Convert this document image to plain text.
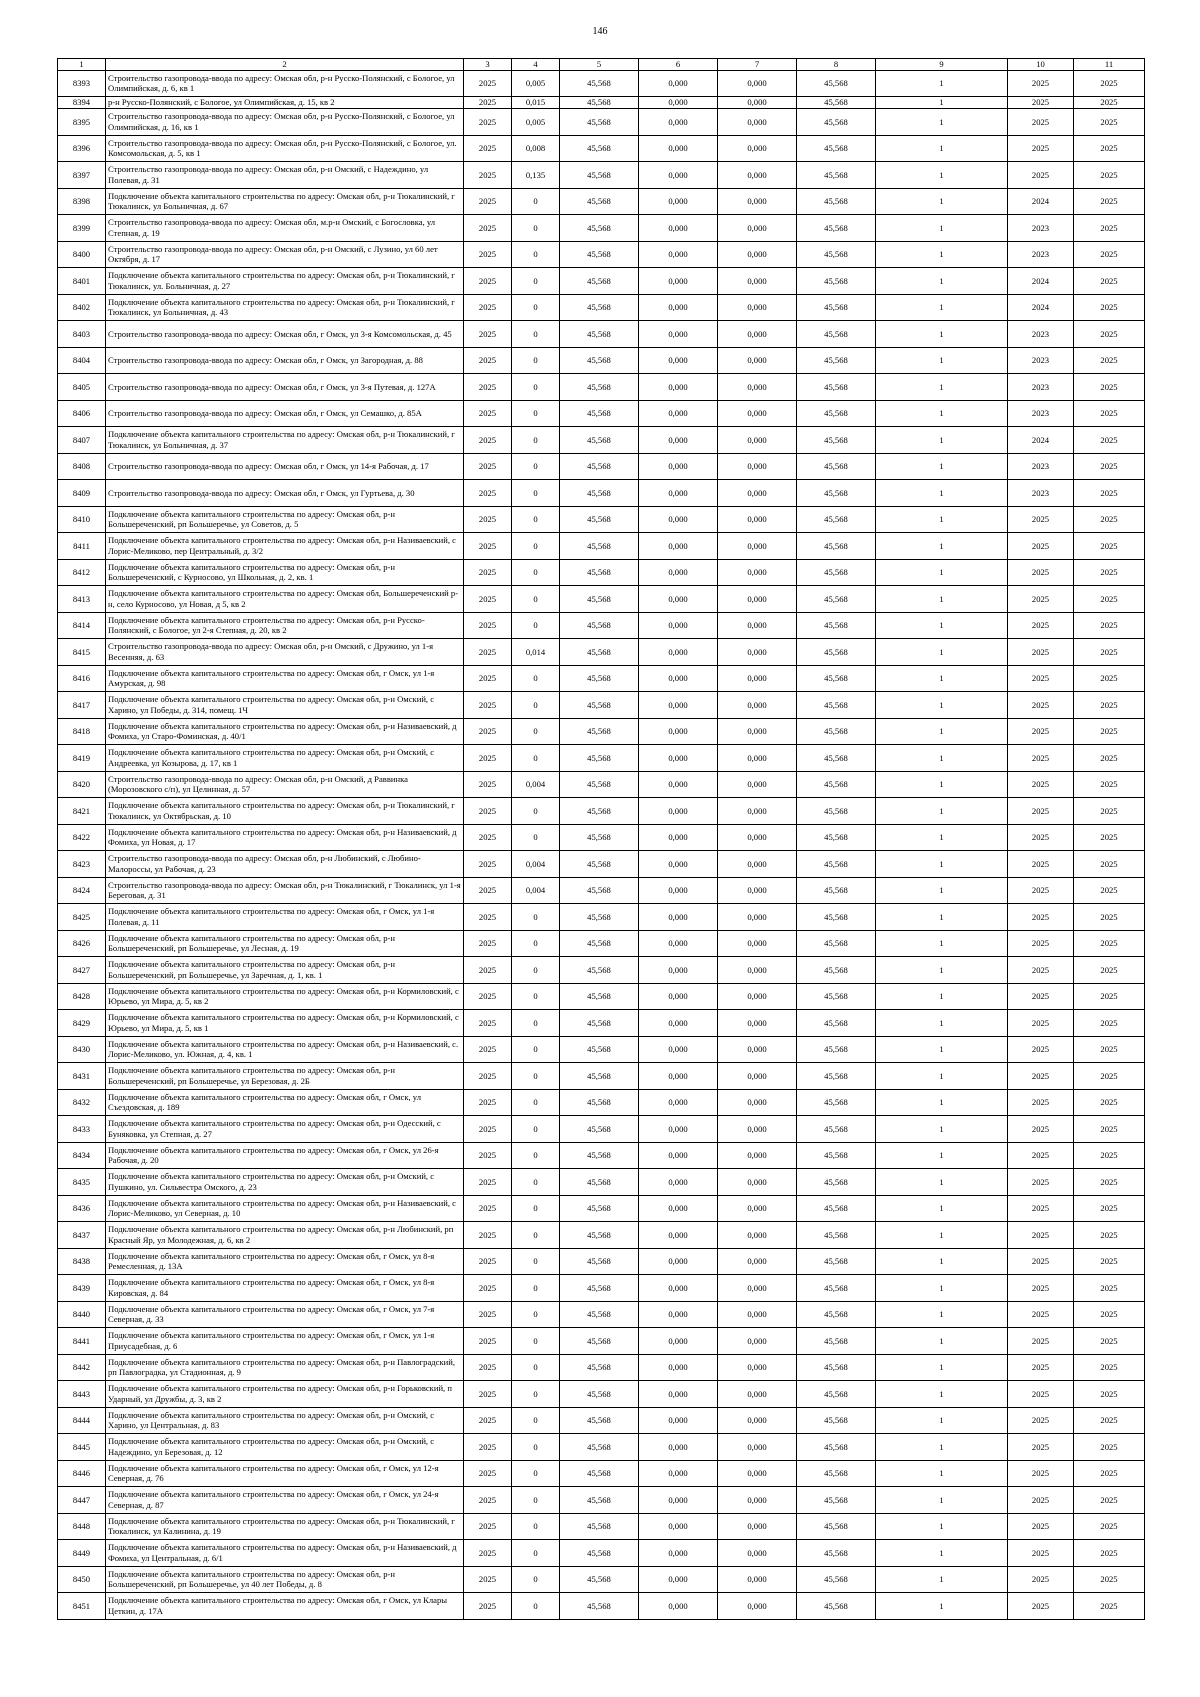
146
1	2	3	4	5	6	7	8	9	10	11
8393	Строительство газопровода-ввода по адресу: Омская обл, р-н Русско-Полянский, с Бологое, ул Олимпийская, д. 6, кв 1	2025	0,005	45,568	0,000	0,000	45,568	1	2025	2025
8394	р-н Русско-Полянский, с Бологое, ул Олимпийская, д. 15, кв 2	2025	0,015	45,568	0,000	0,000	45,568	1	2025	2025
8395	Строительство газопровода-ввода по адресу: Омская обл, р-н Русско-Полянский, с Бологое, ул Олимпийская, д. 16, кв 1	2025	0,005	45,568	0,000	0,000	45,568	1	2025	2025
8396	Строительство газопровода-ввода по адресу: Омская обл, р-н Русско-Полянский, с Бологое, ул. Комсомольская, д. 5, кв 1	2025	0,008	45,568	0,000	0,000	45,568	1	2025	2025
8397	Строительство газопровода-ввода по адресу: Омская обл, р-н Омский, с Надеждино, ул Полевая, д. 31	2025	0,135	45,568	0,000	0,000	45,568	1	2025	2025
8398	Подключение объекта капитального строительства по адресу: Омская обл, р-н Тюкалинский, г Тюкалинск, ул Больничная, д. 67	2025	0	45,568	0,000	0,000	45,568	1	2024	2025
8399	Строительство газопровода-ввода по адресу: Омская обл, м.р-н Омский, с Богословка, ул Степная, д. 19	2025	0	45,568	0,000	0,000	45,568	1	2023	2025
8400	Строительство газопровода-ввода по адресу: Омская обл, р-н Омский, с Лузино, ул 60 лет Октября, д. 17	2025	0	45,568	0,000	0,000	45,568	1	2023	2025
8401	Подключение объекта капитального строительства по адресу: Омская обл, р-н Тюкалинский, г Тюкалинск, ул. Больничная, д. 27	2025	0	45,568	0,000	0,000	45,568	1	2024	2025
8402	Подключение объекта капитального строительства по адресу: Омская обл, р-н Тюкалинский, г Тюкалинск, ул Больничная, д. 43	2025	0	45,568	0,000	0,000	45,568	1	2024	2025
8403	Строительство газопровода-ввода по адресу: Омская обл, г Омск, ул 3-я Комсомольская, д. 45	2025	0	45,568	0,000	0,000	45,568	1	2023	2025
8404	Строительство газопровода-ввода по адресу: Омская обл, г Омск, ул Загородная, д. 88	2025	0	45,568	0,000	0,000	45,568	1	2023	2025
8405	Строительство газопровода-ввода по адресу: Омская обл, г Омск, ул 3-я Путевая, д. 127А	2025	0	45,568	0,000	0,000	45,568	1	2023	2025
8406	Строительство газопровода-ввода по адресу: Омская обл, г Омск, ул Семашко, д. 85А	2025	0	45,568	0,000	0,000	45,568	1	2023	2025
8407	Подключение объекта капитального строительства по адресу: Омская обл, р-н Тюкалинский, г Тюкалинск, ул Больничная, д. 37	2025	0	45,568	0,000	0,000	45,568	1	2024	2025
8408	Строительство газопровода-ввода по адресу: Омская обл, г Омск, ул 14-я Рабочая, д. 17	2025	0	45,568	0,000	0,000	45,568	1	2023	2025
8409	Строительство газопровода-ввода по адресу: Омская обл, г Омск, ул Гуртьева, д. 30	2025	0	45,568	0,000	0,000	45,568	1	2023	2025
8410	Подключение объекта капитального строительства по адресу: Омская обл, р-н Большереченский, рп Большеречье, ул Советов, д. 5	2025	0	45,568	0,000	0,000	45,568	1	2025	2025
8411	Подключение объекта капитального строительства по адресу: Омская обл, р-н Називаевский, с Лорис-Меликово, пер Центральный, д. 3/2	2025	0	45,568	0,000	0,000	45,568	1	2025	2025
8412	Подключение объекта капитального строительства по адресу: Омская обл, р-н Большереченский, с Курносово, ул Школьная, д. 2, кв. 1	2025	0	45,568	0,000	0,000	45,568	1	2025	2025
8413	Подключение объекта капитального строительства по адресу: Омская обл, Большереченский р-н, село Курносово, ул Новая, д 5, кв 2	2025	0	45,568	0,000	0,000	45,568	1	2025	2025
8414	Подключение объекта капитального строительства по адресу: Омская обл, р-н Русско-Полянский, с Бологое, ул 2-я Степная, д. 20, кв 2	2025	0	45,568	0,000	0,000	45,568	1	2025	2025
8415	Строительство газопровода-ввода по адресу: Омская обл, р-н Омский, с Дружино, ул 1-я Весенняя, д. 63	2025	0,014	45,568	0,000	0,000	45,568	1	2025	2025
8416	Подключение объекта капитального строительства по адресу: Омская обл, г Омск, ул 1-я Амурская, д. 98	2025	0	45,568	0,000	0,000	45,568	1	2025	2025
8417	Подключение объекта капитального строительства по адресу: Омская обл, р-н Омский, с Харино, ул Победы, д. 314, помещ. 1Ч	2025	0	45,568	0,000	0,000	45,568	1	2025	2025
8418	Подключение объекта капитального строительства по адресу: Омская обл, р-н Називаевский, д Фомиха, ул Старо-Фоминская, д. 40/1	2025	0	45,568	0,000	0,000	45,568	1	2025	2025
8419	Подключение объекта капитального строительства по адресу: Омская обл, р-н Омский, с Андреевка, ул Козырова, д. 17, кв 1	2025	0	45,568	0,000	0,000	45,568	1	2025	2025
8420	Строительство газопровода-ввода по адресу: Омская обл, р-н Омский, д Раввинка (Морозовского с/п), ул Целинная, д. 57	2025	0,004	45,568	0,000	0,000	45,568	1	2025	2025
8421	Подключение объекта капитального строительства по адресу: Омская обл, р-н Тюкалинский, г Тюкалинск, ул Октябрьская, д. 10	2025	0	45,568	0,000	0,000	45,568	1	2025	2025
8422	Подключение объекта капитального строительства по адресу: Омская обл, р-н Називаевский, д Фомиха, ул Новая, д. 17	2025	0	45,568	0,000	0,000	45,568	1	2025	2025
8423	Строительство газопровода-ввода по адресу: Омская обл, р-н Любинский, с Любино-Малороссы, ул Рабочая, д. 23	2025	0,004	45,568	0,000	0,000	45,568	1	2025	2025
8424	Строительство газопровода-ввода по адресу: Омская обл, р-н Тюкалинский, г Тюкалинск, ул 1-я Береговая, д. 31	2025	0,004	45,568	0,000	0,000	45,568	1	2025	2025
8425	Подключение объекта капитального строительства по адресу: Омская обл, г Омск, ул 1-я Полевая, д. 11	2025	0	45,568	0,000	0,000	45,568	1	2025	2025
8426	Подключение объекта капитального строительства по адресу: Омская обл, р-н Большереченский, рп Большеречье, ул Лесная, д. 19	2025	0	45,568	0,000	0,000	45,568	1	2025	2025
8427	Подключение объекта капитального строительства по адресу: Омская обл, р-н Большереченский, рп Большеречье, ул Заречная, д. 1, кв. 1	2025	0	45,568	0,000	0,000	45,568	1	2025	2025
8428	Подключение объекта капитального строительства по адресу: Омская обл, р-н Кормиловский, с Юрьево, ул Мира, д. 5, кв 2	2025	0	45,568	0,000	0,000	45,568	1	2025	2025
8429	Подключение объекта капитального строительства по адресу: Омская обл, р-н Кормиловский, с Юрьево, ул Мира, д. 5, кв 1	2025	0	45,568	0,000	0,000	45,568	1	2025	2025
8430	Подключение объекта капитального строительства по адресу: Омская обл, р-н Називаевский, с. Лорис-Меликово, ул. Южная, д. 4, кв. 1	2025	0	45,568	0,000	0,000	45,568	1	2025	2025
8431	Подключение объекта капитального строительства по адресу: Омская обл, р-н Большереченский, рп Большеречье, ул Березовая, д. 2Б	2025	0	45,568	0,000	0,000	45,568	1	2025	2025
8432	Подключение объекта капитального строительства по адресу: Омская обл, г Омск, ул Съездовская, д. 189	2025	0	45,568	0,000	0,000	45,568	1	2025	2025
8433	Подключение объекта капитального строительства по адресу: Омская обл, р-н Одесский, с Буняковка, ул Степная, д. 27	2025	0	45,568	0,000	0,000	45,568	1	2025	2025
8434	Подключение объекта капитального строительства по адресу: Омская обл, г Омск, ул 26-я Рабочая, д. 20	2025	0	45,568	0,000	0,000	45,568	1	2025	2025
8435	Подключение объекта капитального строительства по адресу: Омская обл, р-н Омский, с Пушкино, ул. Сильвестра Омского, д. 23	2025	0	45,568	0,000	0,000	45,568	1	2025	2025
8436	Подключение объекта капитального строительства по адресу: Омская обл, р-н Називаевский, с Лорис-Меликово, ул Северная, д. 10	2025	0	45,568	0,000	0,000	45,568	1	2025	2025
8437	Подключение объекта капитального строительства по адресу: Омская обл, р-н Любинский, рп Красный Яр, ул Молодежная, д. 6, кв 2	2025	0	45,568	0,000	0,000	45,568	1	2025	2025
8438	Подключение объекта капитального строительства по адресу: Омская обл, г Омск, ул 8-я Ремесленная, д. 13А	2025	0	45,568	0,000	0,000	45,568	1	2025	2025
8439	Подключение объекта капитального строительства по адресу: Омская обл, г Омск, ул 8-я Кировская, д. 84	2025	0	45,568	0,000	0,000	45,568	1	2025	2025
8440	Подключение объекта капитального строительства по адресу: Омская обл, г Омск, ул 7-я Северная, д. 33	2025	0	45,568	0,000	0,000	45,568	1	2025	2025
8441	Подключение объекта капитального строительства по адресу: Омская обл, г Омск, ул 1-я Приусадебная, д. 6	2025	0	45,568	0,000	0,000	45,568	1	2025	2025
8442	Подключение объекта капитального строительства по адресу: Омская обл, р-н Павлоградский, рп Павлоградка, ул Стадионная, д. 9	2025	0	45,568	0,000	0,000	45,568	1	2025	2025
8443	Подключение объекта капитального строительства по адресу: Омская обл, р-н Горьковский, п Ударный, ул Дружбы, д. 3, кв 2	2025	0	45,568	0,000	0,000	45,568	1	2025	2025
8444	Подключение объекта капитального строительства по адресу: Омская обл, р-н Омский, с Харино, ул Центральная, д. 83	2025	0	45,568	0,000	0,000	45,568	1	2025	2025
8445	Подключение объекта капитального строительства по адресу: Омская обл, р-н Омский, с Надеждино, ул Березовая, д. 12	2025	0	45,568	0,000	0,000	45,568	1	2025	2025
8446	Подключение объекта капитального строительства по адресу: Омская обл, г Омск, ул 12-я Северная, д. 76	2025	0	45,568	0,000	0,000	45,568	1	2025	2025
8447	Подключение объекта капитального строительства по адресу: Омская обл, г Омск, ул 24-я Северная, д. 87	2025	0	45,568	0,000	0,000	45,568	1	2025	2025
8448	Подключение объекта капитального строительства по адресу: Омская обл, р-н Тюкалинский, г Тюкалинск, ул Калинина, д. 19	2025	0	45,568	0,000	0,000	45,568	1	2025	2025
8449	Подключение объекта капитального строительства по адресу: Омская обл, р-н Називаевский, д Фомиха, ул Центральная, д. 6/1	2025	0	45,568	0,000	0,000	45,568	1	2025	2025
8450	Подключение объекта капитального строительства по адресу: Омская обл, р-н Большереченский, рп Большеречье, ул 40 лет Победы, д. 8	2025	0	45,568	0,000	0,000	45,568	1	2025	2025
8451	Подключение объекта капитального строительства по адресу: Омская обл, г Омск, ул Клары Цеткин, д. 17А	2025	0	45,568	0,000	0,000	45,568	1	2025	2025
